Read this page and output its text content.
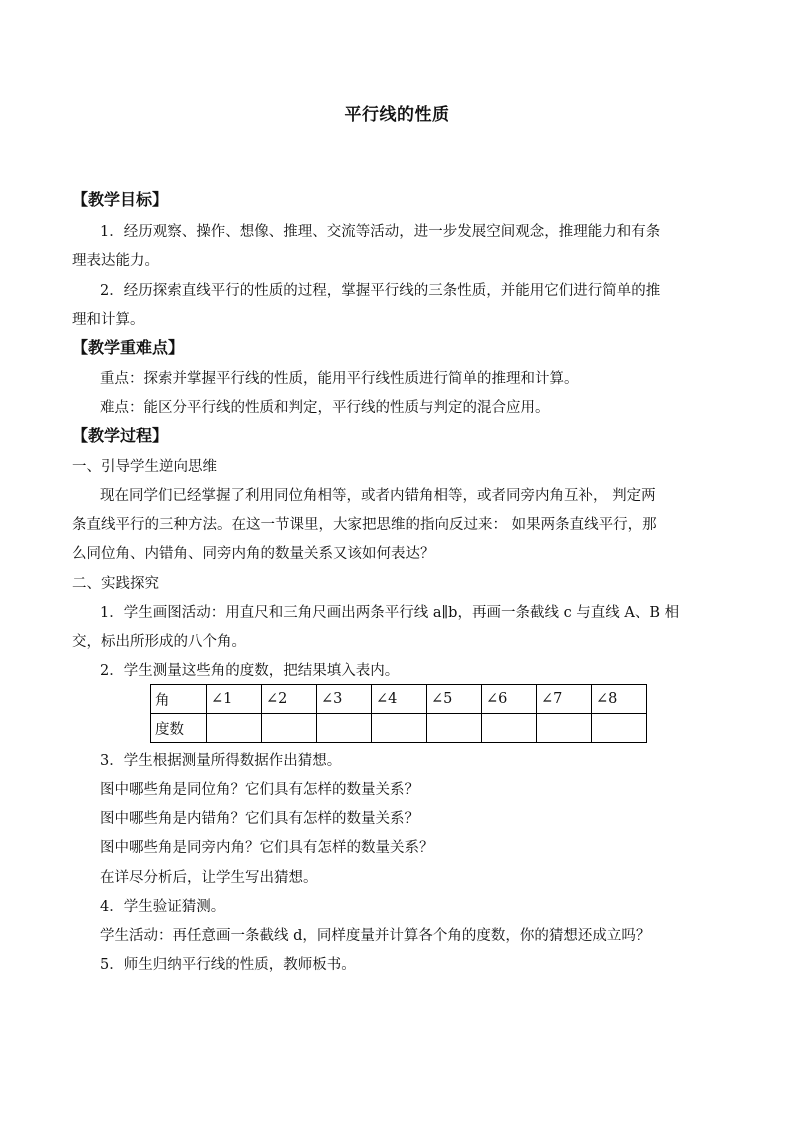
平行线的性质
【教学目标】
1．经历观察、操作、想像、推理、交流等活动，进一步发展空间观念，推理能力和有条
理表达能力。
2．经历探索直线平行的性质的过程，掌握平行线的三条性质，并能用它们进行简单的推
理和计算。
【教学重难点】
重点：探索并掌握平行线的性质，能用平行线性质进行简单的推理和计算。
难点：能区分平行线的性质和判定，平行线的性质与判定的混合应用。
【教学过程】
一、引导学生逆向思维
现在同学们已经掌握了利用同位角相等，或者内错角相等，或者同旁内角互补， 判定两
条直线平行的三种方法。在这一节课里，大家把思维的指向反过来： 如果两条直线平行，那
么同位角、内错角、同旁内角的数量关系又该如何表达？
二、实践探究
1．学生画图活动：用直尺和三角尺画出两条平行线 a∥b，再画一条截线 c 与直线 A、B 相
交，标出所形成的八个角。
2．学生测量这些角的度数，把结果填入表内。
角	∠1	∠2	∠3	∠4	∠5	∠6	∠7	∠8
度数								
3．学生根据测量所得数据作出猜想。
图中哪些角是同位角？它们具有怎样的数量关系？
图中哪些角是内错角？它们具有怎样的数量关系？
图中哪些角是同旁内角？它们具有怎样的数量关系？
在详尽分析后，让学生写出猜想。
4．学生验证猜测。
学生活动：再任意画一条截线 d，同样度量并计算各个角的度数，你的猜想还成立吗？
5．师生归纳平行线的性质，教师板书。
